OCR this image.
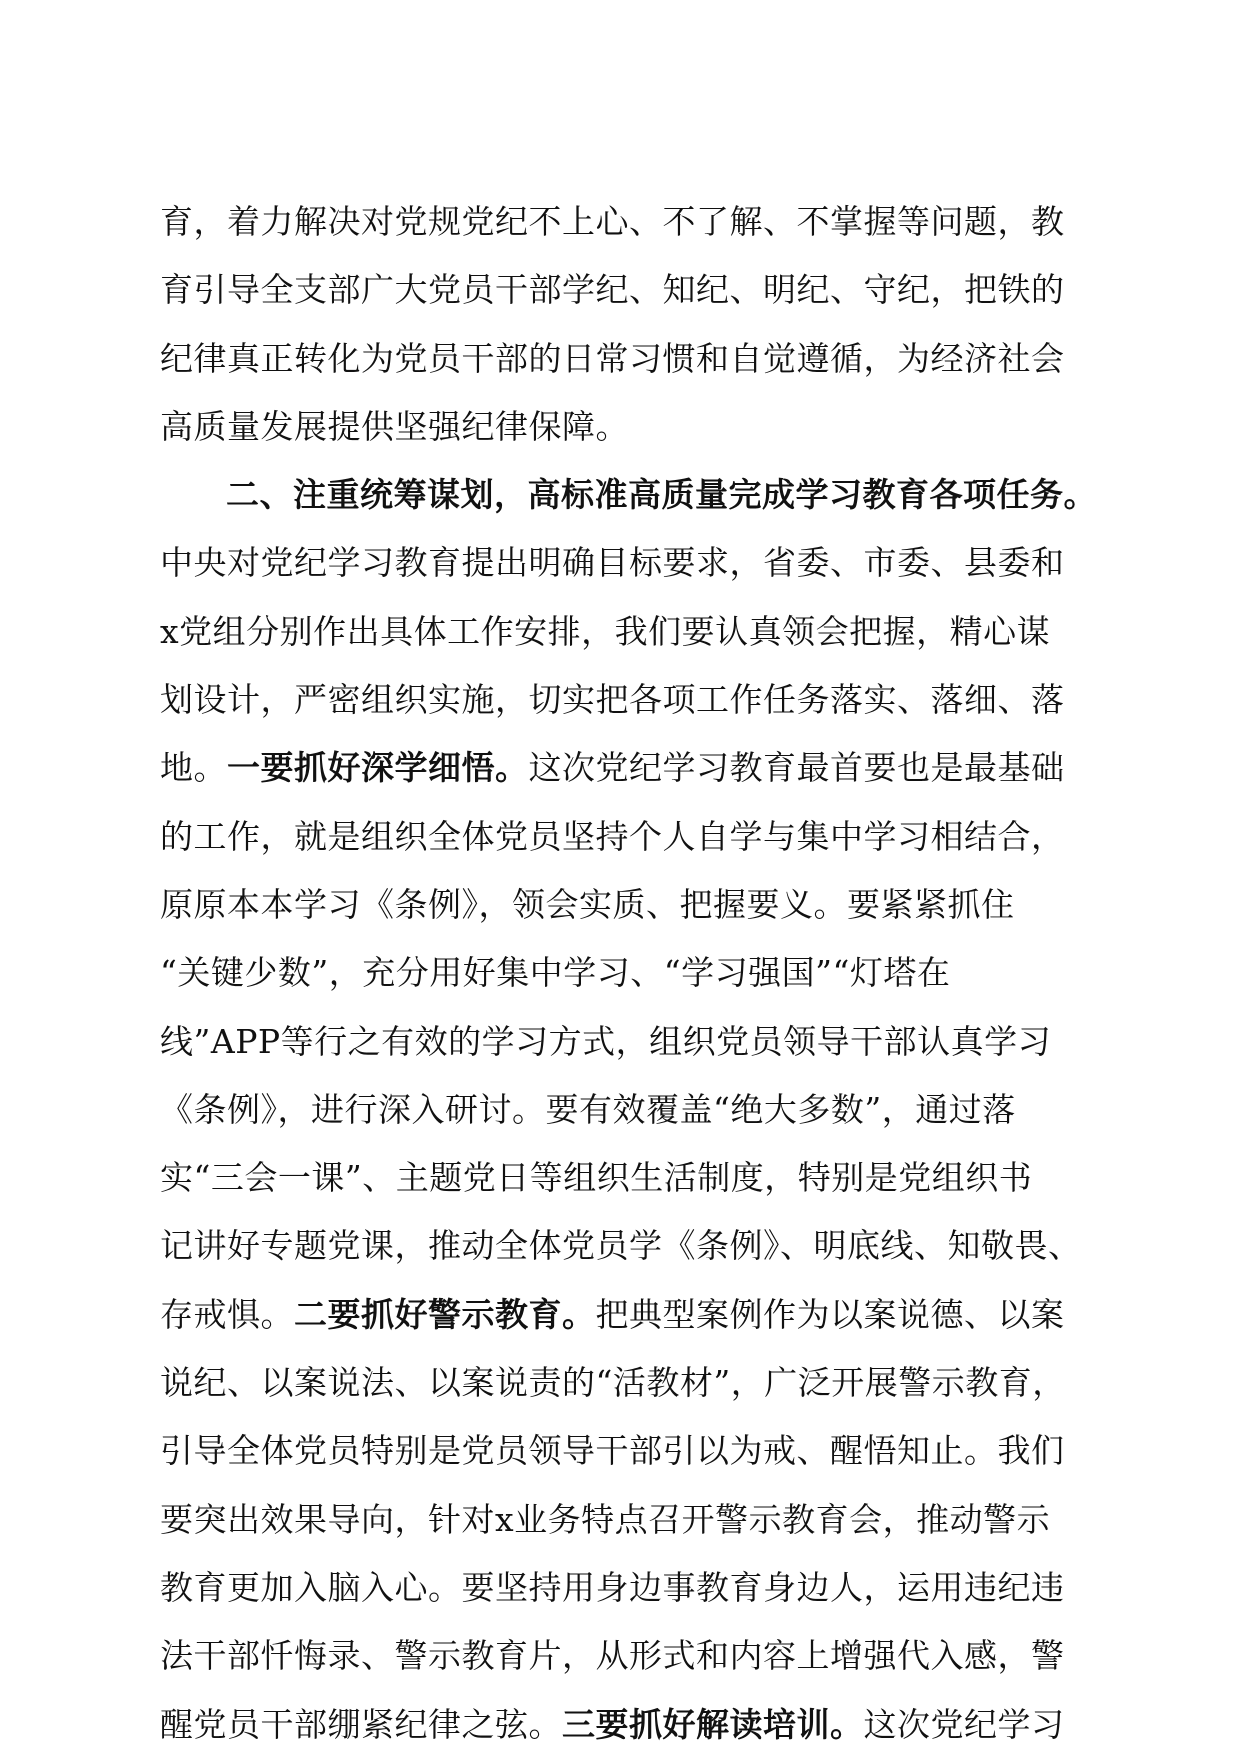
育，着力解决对党规党纪不上心、不了解、不掌握等问题，教
育引导全支部广大党员干部学纪、知纪、明纪、守纪，把铁的
纪律真正转化为党员干部的日常习惯和自觉遵循，为经济社会
高质量发展提供坚强纪律保障。
二、注重统筹谋划，高标准高质量完成学习教育各项任务。
中央对党纪学习教育提出明确目标要求，省委、市委、县委和
x党组分别作出具体工作安排，我们要认真领会把握，精心谋
划设计，严密组织实施，切实把各项工作任务落实、落细、落
地。一要抓好深学细悟。这次党纪学习教育最首要也是最基础
的工作，就是组织全体党员坚持个人自学与集中学习相结合，
原原本本学习《条例》，领会实质、把握要义。要紧紧抓住
“关键少数”，充分用好集中学习、“学习强国”“灯塔在
线”APP等行之有效的学习方式，组织党员领导干部认真学习
《条例》，进行深入研讨。要有效覆盖“绝大多数”，通过落
实“三会一课”、主题党日等组织生活制度，特别是党组织书
记讲好专题党课，推动全体党员学《条例》、明底线、知敬畏、
存戒惧。二要抓好警示教育。把典型案例作为以案说德、以案
说纪、以案说法、以案说责的“活教材”，广泛开展警示教育，
引导全体党员特别是党员领导干部引以为戒、醒悟知止。我们
要突出效果导向，针对x业务特点召开警示教育会，推动警示
教育更加入脑入心。要坚持用身边事教育身边人，运用违纪违
法干部忏悔录、警示教育片，从形式和内容上增强代入感，警
醒党员干部绷紧纪律之弦。三要抓好解读培训。这次党纪学习
